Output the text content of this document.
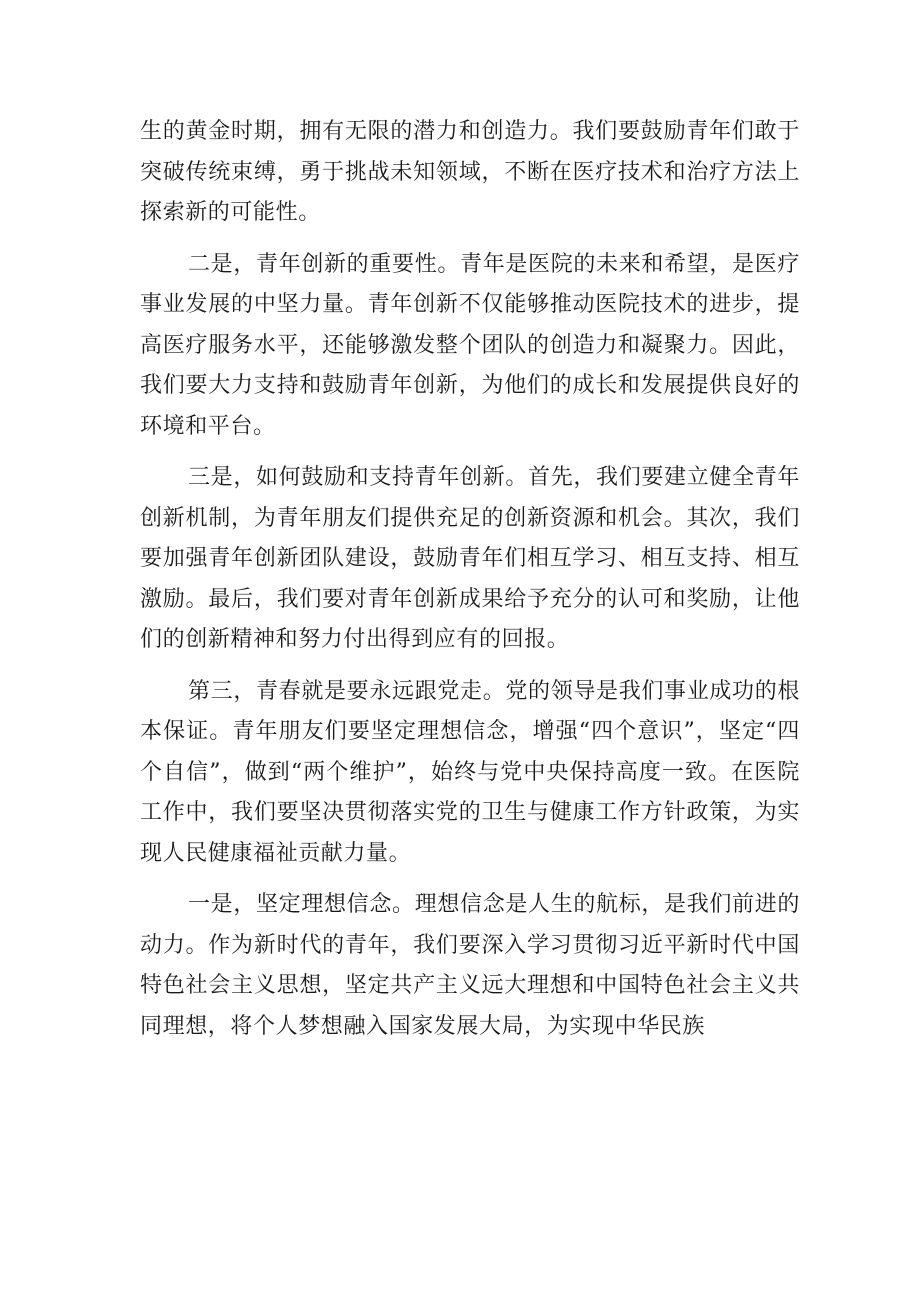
生的黄金时期，拥有无限的潜力和创造力。我们要鼓励青年们敢于突破传统束缚，勇于挑战未知领域，不断在医疗技术和治疗方法上探索新的可能性。

二是，青年创新的重要性。青年是医院的未来和希望，是医疗事业发展的中坚力量。青年创新不仅能够推动医院技术的进步，提高医疗服务水平，还能够激发整个团队的创造力和凝聚力。因此，我们要大力支持和鼓励青年创新，为他们的成长和发展提供良好的环境和平台。

三是，如何鼓励和支持青年创新。首先，我们要建立健全青年创新机制，为青年朋友们提供充足的创新资源和机会。其次，我们要加强青年创新团队建设，鼓励青年们相互学习、相互支持、相互激励。最后，我们要对青年创新成果给予充分的认可和奖励，让他们的创新精神和努力付出得到应有的回报。

第三，青春就是要永远跟党走。党的领导是我们事业成功的根本保证。青年朋友们要坚定理想信念，增强“四个意识”，坚定“四个自信”，做到“两个维护”，始终与党中央保持高度一致。在医院工作中，我们要坚决贯彻落实党的卫生与健康工作方针政策，为实现人民健康福祉贡献力量。

一是，坚定理想信念。理想信念是人生的航标，是我们前进的动力。作为新时代的青年，我们要深入学习贯彻习近平新时代中国特色社会主义思想，坚定共产主义远大理想和中国特色社会主义共同理想，将个人梦想融入国家发展大局，为实现中华民族
